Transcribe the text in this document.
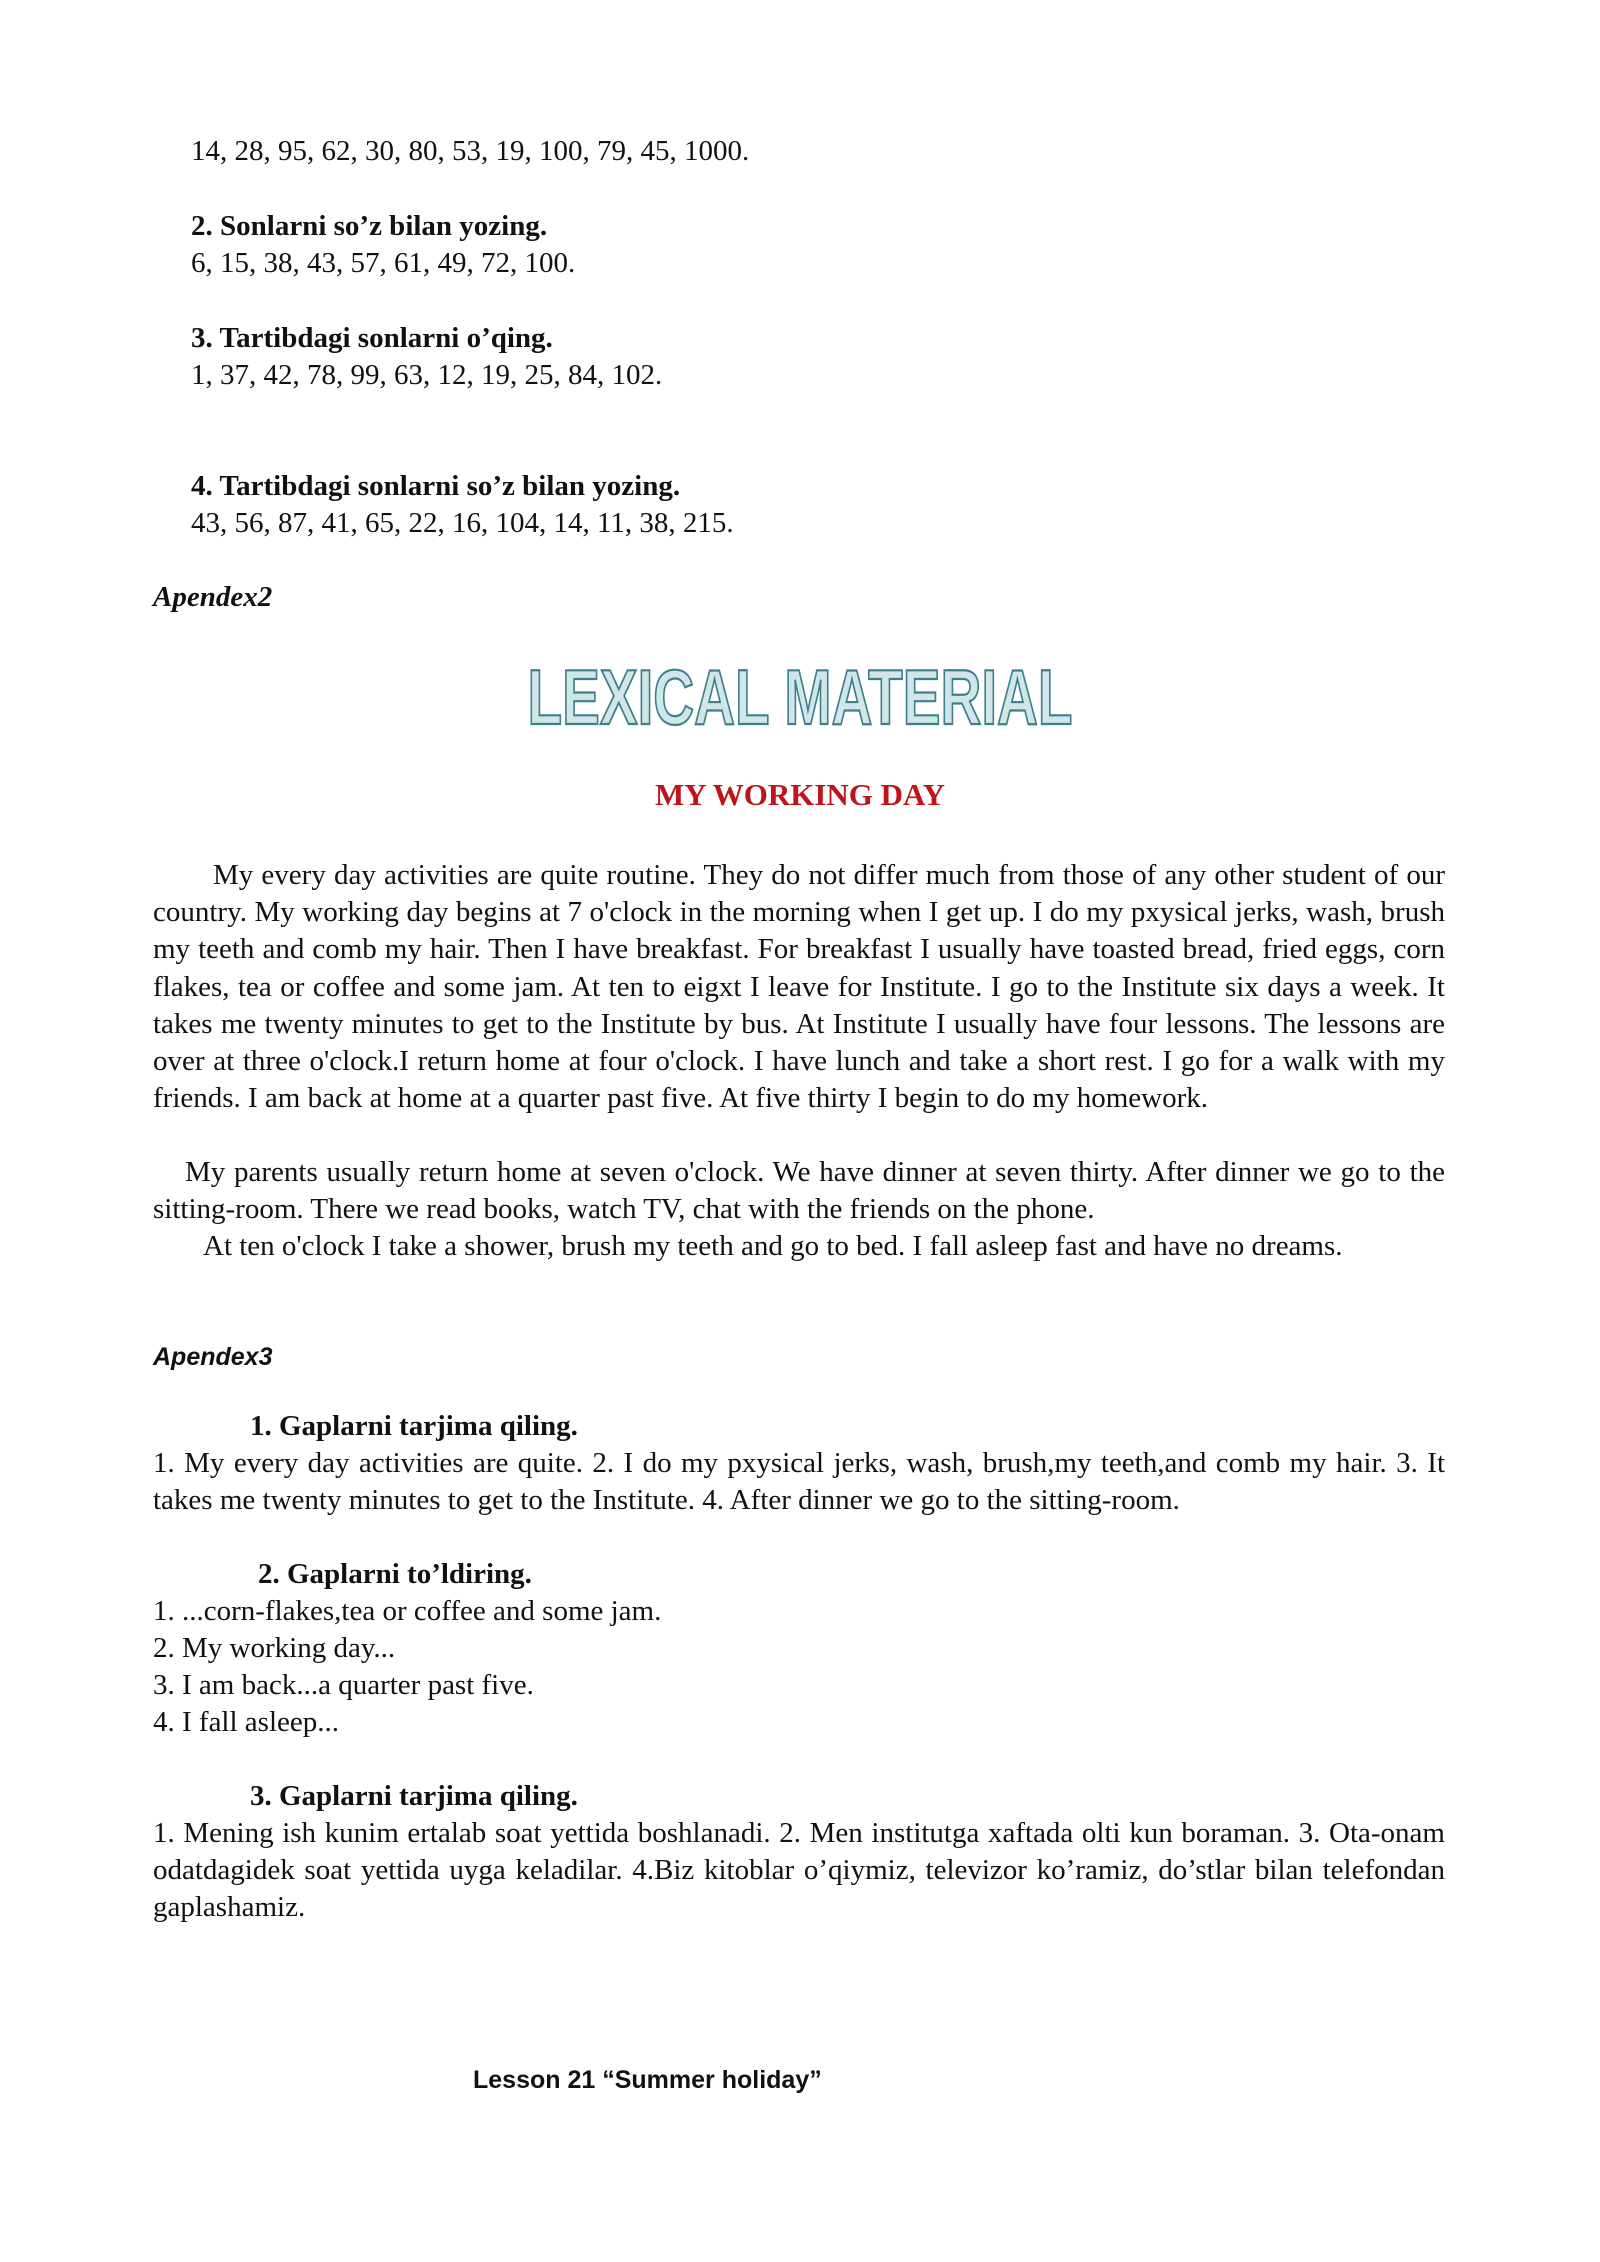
14, 28, 95, 62, 30, 80, 53, 19, 100, 79, 45, 1000.
2. Sonlarni so’z bilan yozing.
6, 15, 38, 43, 57, 61, 49, 72, 100.
3. Tartibdagi sonlarni o’qing.
1, 37, 42, 78, 99, 63, 12, 19, 25, 84, 102.
4. Tartibdagi sonlarni so’z bilan yozing.
43, 56, 87, 41, 65, 22, 16, 104, 14, 11, 38, 215.
Apendex2
LEXICAL MATERIAL
MY WORKING DAY
My every day activities are quite routine. They do not differ much from those of any other student of our country. My working day begins at 7 o'clock in the morning when I get up. I do my pxysical jerks, wash, brush my teeth and comb my hair. Then I have breakfast. For breakfast I usually have toasted bread, fried eggs, corn flakes, tea or coffee and some jam. At ten to eigxt I leave for Institute. I go to the Institute six days a week. It takes me twenty minutes to get to the Institute by bus. At Institute I usually have four lessons. The lessons are over at three o'clock.I return home at four o'clock. I have lunch and take a short rest. I go for a walk with my friends. I am back at home at a quarter past five. At five thirty I begin to do my homework.
My parents usually return home at seven o'clock. We have dinner at seven thirty. After dinner we go to the sitting-room. There we read books, watch TV, chat with the friends on the phone.
At ten o'clock I take a shower, brush my teeth and go to bed. I fall asleep fast and have no dreams.
Apendex3
1. Gaplarni tarjima qiling.
1. My every day activities are quite. 2. I do my pxysical jerks, wash, brush,my teeth,and comb my hair. 3. It takes me twenty minutes to get to the Institute. 4. After dinner we go to the sitting-room.
2. Gaplarni to’ldiring.
1. ...corn-flakes,tea or coffee and some jam.
2. My working day...
3. I am back...a quarter past five.
4. I fall asleep...
3. Gaplarni tarjima qiling.
1. Mening ish kunim ertalab soat yettida boshlanadi. 2. Men institutga xaftada olti kun boraman. 3. Ota-onam odatdagidek soat yettida uyga keladilar. 4.Biz kitoblar o’qiymiz, televizor ko’ramiz, do’stlar bilan telefondan gaplashamiz.
Lesson 21 “Summer holiday”
